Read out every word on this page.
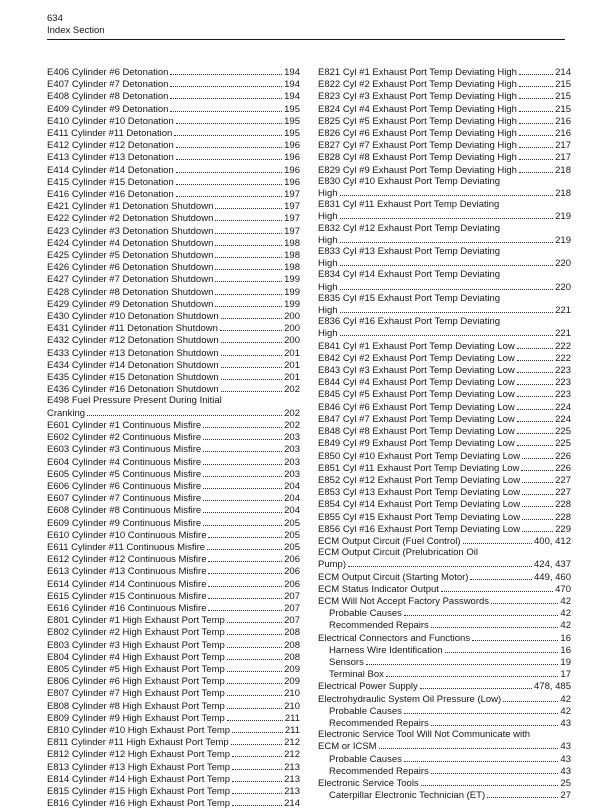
634
Index Section
E406 Cylinder #6 Detonation	194
E407 Cylinder #7 Detonation	194
E408 Cylinder #8 Detonation	194
E409 Cylinder #9 Detonation	195
E410 Cylinder #10 Detonation	195
E411 Cylinder #11 Detonation	195
E412 Cylinder #12 Detonation	196
E413 Cylinder #13 Detonation	196
E414 Cylinder #14 Detonation	196
E415 Cylinder #15 Detonation	196
E416 Cylinder #16 Detonation	197
E421 Cylinder #1 Detonation Shutdown	197
E422 Cylinder #2 Detonation Shutdown	197
E423 Cylinder #3 Detonation Shutdown	197
E424 Cylinder #4 Detonation Shutdown	198
E425 Cylinder #5 Detonation Shutdown	198
E426 Cylinder #6 Detonation Shutdown	198
E427 Cylinder #7 Detonation Shutdown	199
E428 Cylinder #8 Detonation Shutdown	199
E429 Cylinder #9 Detonation Shutdown	199
E430 Cylinder #10 Detonation Shutdown	200
E431 Cylinder #11 Detonation Shutdown	200
E432 Cylinder #12 Detonation Shutdown	200
E433 Cylinder #13 Detonation Shutdown	201
E434 Cylinder #14 Detonation Shutdown	201
E435 Cylinder #15 Detonation Shutdown	201
E436 Cylinder #16 Detonation Shutdown	202
E498 Fuel Pressure Present During Initial
Cranking	202
E601 Cylinder #1 Continuous Misfire	202
E602 Cylinder #2 Continuous Misfire	203
E603 Cylinder #3 Continuous Misfire	203
E604 Cylinder #4 Continuous Misfire	203
E605 Cylinder #5 Continuous Misfire	203
E606 Cylinder #6 Continuous Misfire	204
E607 Cylinder #7 Continuous Misfire	204
E608 Cylinder #8 Continuous Misfire	204
E609 Cylinder #9 Continuous Misfire	205
E610 Cylinder #10 Continuous Misfire	205
E611 Cylinder #11 Continuous Misfire	205
E612 Cylinder #12 Continuous Misfire	206
E613 Cylinder #13 Continuous Misfire	206
E614 Cylinder #14 Continuous Misfire	206
E615 Cylinder #15 Continuous Misfire	207
E616 Cylinder #16 Continuous Misfire	207
E801 Cylinder #1 High Exhaust Port Temp	207
E802 Cylinder #2 High Exhaust Port Temp	208
E803 Cylinder #3 High Exhaust Port Temp	208
E804 Cylinder #4 High Exhaust Port Temp	208
E805 Cylinder #5 High Exhaust Port Temp	209
E806 Cylinder #6 High Exhaust Port Temp	209
E807 Cylinder #7 High Exhaust Port Temp	210
E808 Cylinder #8 High Exhaust Port Temp	210
E809 Cylinder #9 High Exhaust Port Temp	211
E810 Cylinder #10 High Exhaust Port Temp	211
E811 Cylinder #11 High Exhaust Port Temp	212
E812 Cylinder #12 High Exhaust Port Temp	212
E813 Cylinder #13 High Exhaust Port Temp	213
E814 Cylinder #14 High Exhaust Port Temp	213
E815 Cylinder #15 High Exhaust Port Temp	213
E816 Cylinder #16 High Exhaust Port Temp	214
E821 Cyl #1 Exhaust Port Temp Deviating High	214
E822 Cyl #2 Exhaust Port Temp Deviating High	215
E823 Cyl #3 Exhaust Port Temp Deviating High	215
E824 Cyl #4 Exhaust Port Temp Deviating High	215
E825 Cyl #5 Exhaust Port Temp Deviating High	216
E826 Cyl #6 Exhaust Port Temp Deviating High	216
E827 Cyl #7 Exhaust Port Temp Deviating High	217
E828 Cyl #8 Exhaust Port Temp Deviating High	217
E829 Cyl #9 Exhaust Port Temp Deviating High	218
E830 Cyl #10 Exhaust Port Temp Deviating
High	218
E831 Cyl #11 Exhaust Port Temp Deviating
High	219
E832 Cyl #12 Exhaust Port Temp Deviating
High	219
E833 Cyl #13 Exhaust Port Temp Deviating
High	220
E834 Cyl #14 Exhaust Port Temp Deviating
High	220
E835 Cyl #15 Exhaust Port Temp Deviating
High	221
E836 Cyl #16 Exhaust Port Temp Deviating
High	221
E841 Cyl #1 Exhaust Port Temp Deviating Low	222
E842 Cyl #2 Exhaust Port Temp Deviating Low	222
E843 Cyl #3 Exhaust Port Temp Deviating Low	223
E844 Cyl #4 Exhaust Port Temp Deviating Low	223
E845 Cyl #5 Exhaust Port Temp Deviating Low	223
E846 Cyl #6 Exhaust Port Temp Deviating Low	224
E847 Cyl #7 Exhaust Port Temp Deviating Low	224
E848 Cyl #8 Exhaust Port Temp Deviating Low	225
E849 Cyl #9 Exhaust Port Temp Deviating Low	225
E850 Cyl #10 Exhaust Port Temp Deviating Low	226
E851 Cyl #11 Exhaust Port Temp Deviating Low	226
E852 Cyl #12 Exhaust Port Temp Deviating Low	227
E853 Cyl #13 Exhaust Port Temp Deviating Low	227
E854 Cyl #14 Exhaust Port Temp Deviating Low	228
E855 Cyl #15 Exhaust Port Temp Deviating Low	228
E856 Cyl #16 Exhaust Port Temp Deviating Low	229
ECM Output Circuit (Fuel Control)	400, 412
ECM Output Circuit (Prelubrication Oil
Pump)	424, 437
ECM Output Circuit (Starting Motor)	449, 460
ECM Status Indicator Output	470
ECM Will Not Accept Factory Passwords	42
Probable Causes	42
Recommended Repairs	42
Electrical Connectors and Functions	16
Harness Wire Identification	16
Sensors	19
Terminal Box	17
Electrical Power Supply	478, 485
Electrohydraulic System Oil Pressure (Low)	42
Probable Causes	42
Recommended Repairs	43
Electronic Service Tool Will Not Communicate with
ECM or ICSM	43
Probable Causes	43
Recommended Repairs	43
Electronic Service Tools	25
Caterpillar Electronic Technician (ET)	27
